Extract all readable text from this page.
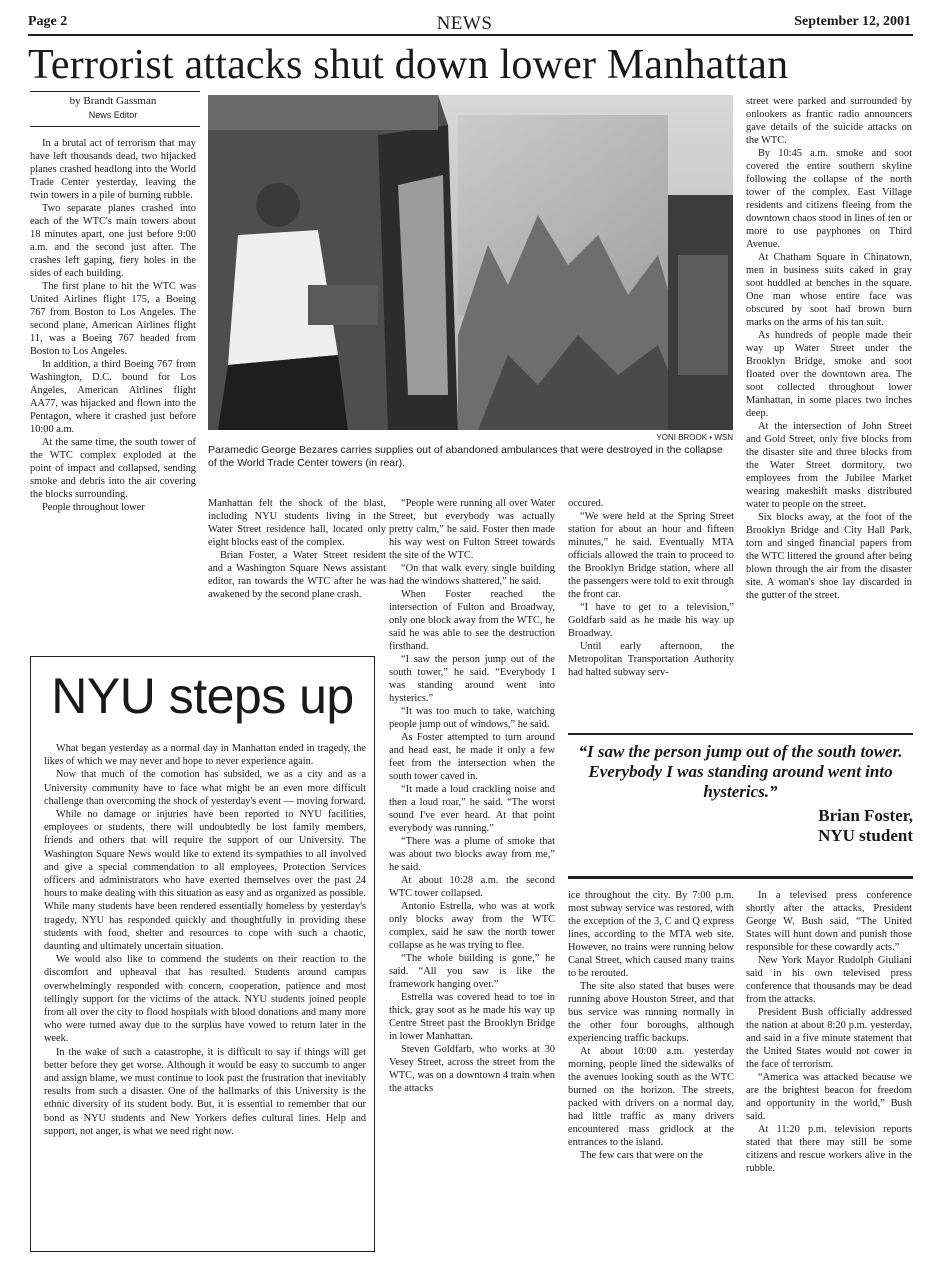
Page 2	NEWS	September 12, 2001
Terrorist attacks shut down lower Manhattan
by Brandt Gassman
News Editor
YONI BROOK • WSN
Paramedic George Bezares carries supplies out of abandoned ambulances that were destroyed in the collapse of the World Trade Center towers (in rear).

In a brutal act of terrorism that may have left thousands dead, two hijacked planes crashed headlong into the World Trade Center yesterday, leaving the twin towers in a pile of burning rubble.

Two separate planes crashed into each of the WTC's main towers about 18 minutes apart, one just before 9:00 a.m. and the second just after. The crashes left gaping, fiery holes in the sides of each building.

The first plane to hit the WTC was United Airlines flight 175, a Boeing 767 from Boston to Los Angeles. The second plane, American Airlines flight 11, was a Boeing 767 headed from Boston to Los Angeles.

In addition, a third Boeing 767 from Washington, D.C. bound for Los Angeles, American Airlines flight AA77, was hijacked and flown into the Pentagon, where it crashed just before 10:00 a.m.

At the same time, the south tower of the WTC complex exploded at the point of impact and collapsed, sending smoke and debris into the air covering the blocks surrounding.

People throughout lower	Manhattan felt the shock of the blast, including NYU students living in the Water Street residence hall, located only eight blocks east of the complex.

Brian Foster, a Water Street resident and a Washington Square News assistant editor, ran towards the WTC after he was awakened by the second plane crash.

“People were running all over Water Street, but everybody was actually pretty calm,” he said. Foster then made his way west on Fulton Street towards the site of the WTC.

“On that walk every single building had the windows shattered,” he said.

When Foster reached the intersection of Fulton and Broadway, only one block away from the WTC, he said he was able to see the destruction firsthand.

“I saw the person jump out of the south tower,” he said. “Everybody I was standing around went into hysterics.”

“It was too much to take, watching people jump out of windows,” he said.

As Foster attempted to turn around and head east, he made it only a few feet from the intersection when the south tower caved in.

“It made a loud crackling noise and then a loud roar,” he said. “The worst sound I've ever heard. At that point everybody was running.”

“There was a plume of smoke that was about two blocks away from me,” he said.

At about 10:28 a.m. the second WTC tower collapsed.

Antonio Estrella, who was at work only blocks away from the WTC complex, said he saw the north tower collapse as he was trying to flee.

“The whole building is gone,” he said. “All you saw is like the framework hanging over.”

Estrella was covered head to toe in thick, gray soot as he made his way up Centre Street past the Brooklyn Bridge in lower Manhattan.

Steven Goldfarb, who works at 30 Vesey Street, across the street from the WTC, was on a downtown 4 train when the attacks

occured.

“We were held at the Spring Street station for about an hour and fifteen minutes,” he said. Eventually MTA officials allowed the train to proceed to the Brooklyn Bridge station, where all the passengers were told to exit through the front car.

“I have to get to a television,” Goldfarb said as he made his way up Broadway.

Until early afternoon, the Metropolitan Transportation Authority had halted subway serv-

street were parked and surrounded by onlookers as frantic radio announcers gave details of the suicide attacks on the WTC.

By 10:45 a.m. smoke and soot covered the entire southern skyline following the collapse of the north tower of the complex. East Village residents and citizens fleeing from the downtown chaos stood in lines of ten or more to use payphones on Third Avenue.

At Chatham Square in Chinatown, men in business suits caked in gray soot huddled at benches in the square. One man whose entire face was obscured by soot had brown burn marks on the arms of his tan suit.

As hundreds of people made their way up Water Street under the Brooklyn Bridge, smoke and soot floated over the downtown area. The soot collected throughout lower Manhattan, in some places two inches deep.

At the intersection of John Street and Gold Street, only five blocks from the disaster site and three blocks from the Water Street dormitory, two employees from the Jubilee Market wearing makeshift masks distributed water to people on the street.

Six blocks away, at the foot of the Brooklyn Bridge and City Hall Park, torn and singed financial papers from the WTC littered the ground after being blown through the air from the disaster site. A woman's shoe lay discarded in the gutter of the street.

“I saw the person jump out of the south tower. Everybody I was standing around went into hysterics.”
Brian Foster,
NYU student

ice throughout the city. By 7:00 p.m. most subway service was restored, with the exception of the 3, C and Q express lines, according to the MTA web site. However, no trains were running below Canal Street, which caused many trains to be rerouted.

The site also stated that buses were running above Houston Street, and that bus service was running normally in the other four boroughs, although experiencing traffic backups.

At about 10:00 a.m. yesterday morning, people lined the sidewalks of the avenues looking south as the WTC burned on the horizon. The streets, packed with drivers on a normal day, had little traffic as many drivers encountered mass gridlock at the entrances to the island.

The few cars that were on the

In a televised press conference shortly after the attacks, President George W. Bush said, “The United States will hunt down and punish those responsible for these cowardly acts.”

New York Mayor Rudolph Giuliani said in his own televised press conference that thousands may be dead from the attacks.

President Bush officially addressed the nation at about 8:20 p.m. yesterday, and said in a five minute statement that the United States would not cower in the face of terrorism.

“America was attacked because we are the brightest beacon for freedom and opportunity in the world,” Bush said.

At 11:20 p.m. television reports stated that there may still be some citizens and rescue workers alive in the rubble.

NYU steps up

What began yesterday as a normal day in Manhattan ended in tragedy, the likes of which we may never and hope to never experience again.

Now that much of the comotion has subsided, we as a city and as a University community have to face what might be an even more difficult challenge than overcoming the shock of yesterday's event — moving forward.

While no damage or injuries have been reported to NYU facilities, employees or students, there will undoubtedly be lost family members, friends and others that will require the support of our University. The Washington Square News would like to extend its sympathies to all involved and give a special commendation to all employees, Protection Services officers and administrators who have exerted themselves over the past 24 hours to make dealing with this situation as easy and as organized as possible. While many students have been rendered essentially homeless by yesterday's tragedy, NYU has responded quickly and thoughtfully in providing these students with food, shelter and resources to cope with such a chaotic, daunting and ultimately uncertain situation.

We would also like to commend the students on their reaction to the discomfort and upheaval that has resulted. Students around campus overwhelmingly responded with concern, cooperation, patience and most tellingly support for the victims of the attack. NYU students joined people from all over the city to flood hospitals with blood donations and many more who were turned away due to the surplus have vowed to return later in the week.

In the wake of such a catastrophe, it is difficult to say if things will get better before they get worse. Although it would be easy to succumb to anger and assign blame, we must continue to look past the frustration that inevitably results from such a disaster. One of the hallmarks of this University is the ethnic diversity of its student body. But, it is essential to remember that our bond as NYU students and New Yorkers defies cultural lines. Help and support, not anger, is what we need right now.
